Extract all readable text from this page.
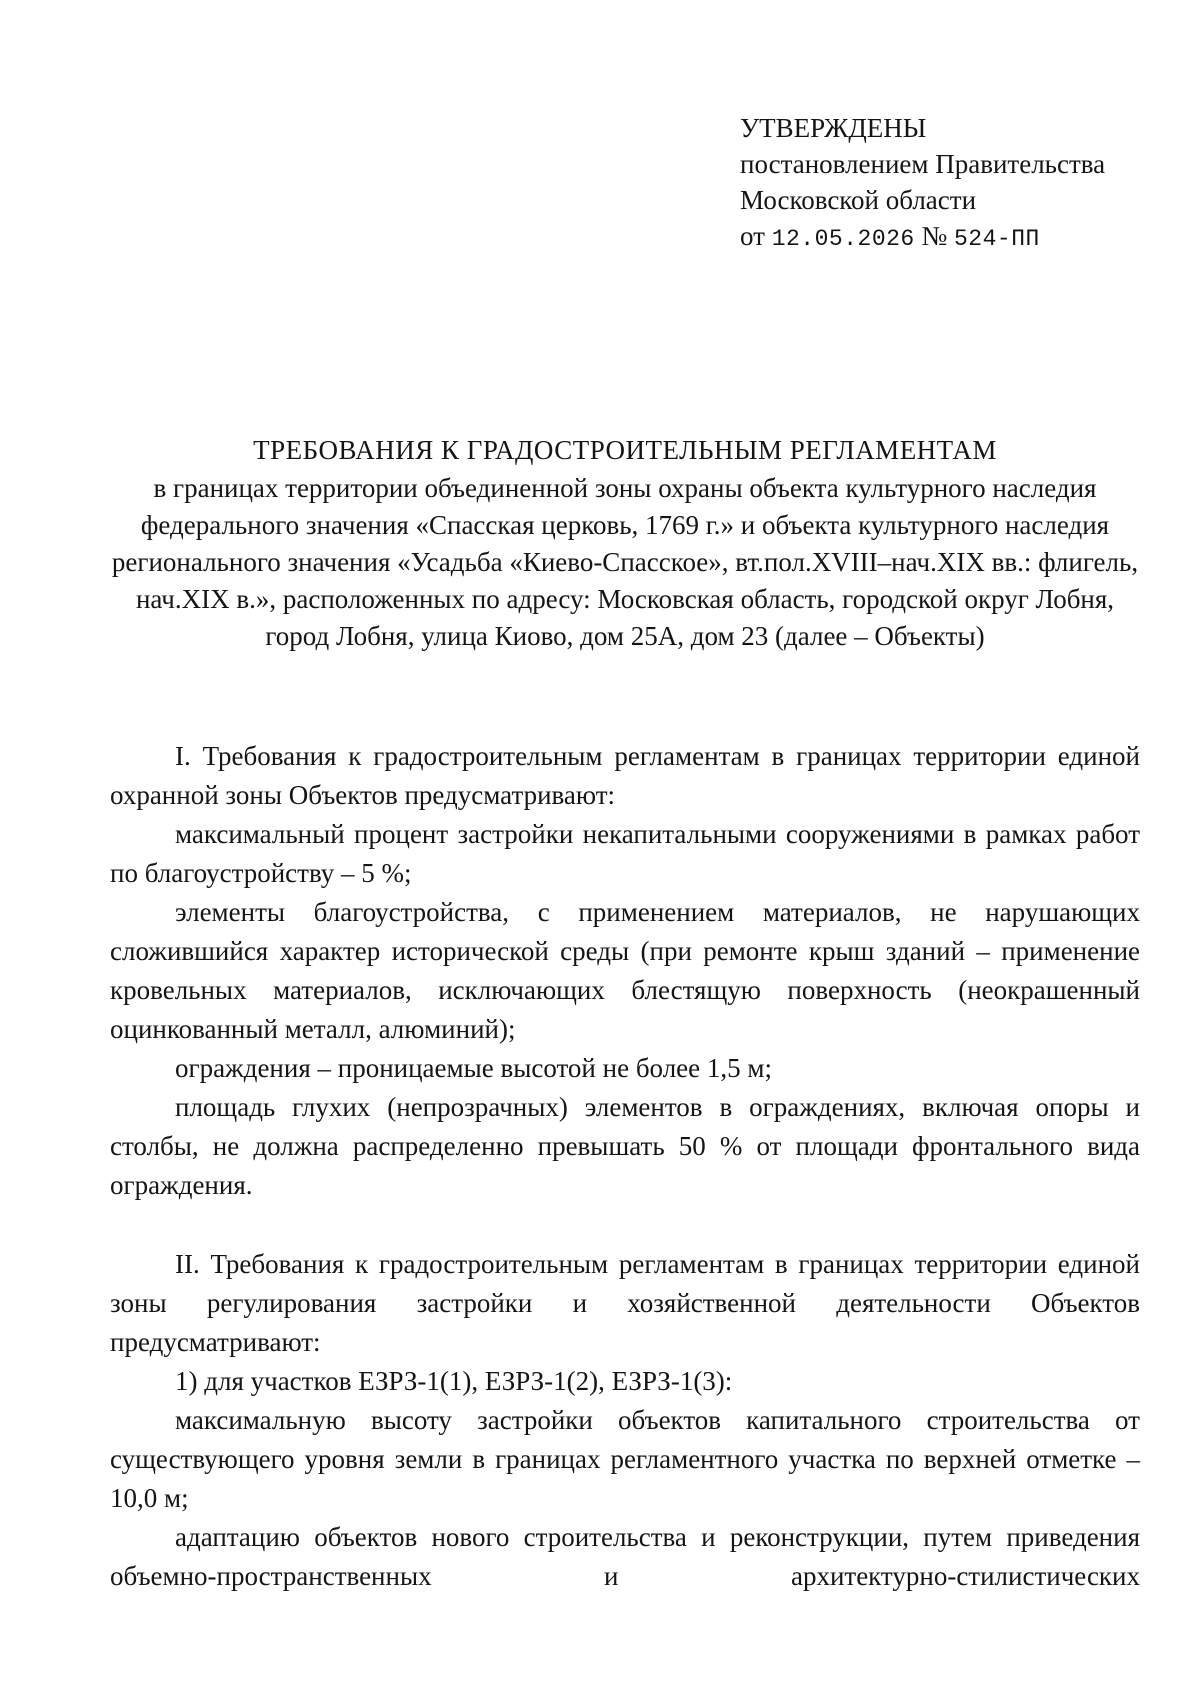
УТВЕРЖДЕНЫ
постановлением Правительства
Московской области
от 12.05.2026 № 524-ПП
ТРЕБОВАНИЯ К ГРАДОСТРОИТЕЛЬНЫМ РЕГЛАМЕНТАМ
в границах территории объединенной зоны охраны объекта культурного наследия федерального значения «Спасская церковь, 1769 г.» и объекта культурного наследия регионального значения «Усадьба «Киево-Спасское», вт.пол.XVIII–нач.XIX вв.: флигель, нач.XIX в.», расположенных по адресу: Московская область, городской округ Лобня, город Лобня, улица Киово, дом 25А, дом 23 (далее – Объекты)

I. Требования к градостроительным регламентам в границах территории единой охранной зоны Объектов предусматривают:

максимальный процент застройки некапитальными сооружениями в рамках работ по благоустройству – 5 %;

элементы благоустройства, с применением материалов, не нарушающих сложившийся характер исторической среды (при ремонте крыш зданий – применение кровельных материалов, исключающих блестящую поверхность (неокрашенный оцинкованный металл, алюминий);

ограждения – проницаемые высотой не более 1,5 м;

площадь глухих (непрозрачных) элементов в ограждениях, включая опоры и столбы, не должна распределенно превышать 50 % от площади фронтального вида ограждения.

II. Требования к градостроительным регламентам в границах территории единой зоны регулирования застройки и хозяйственной деятельности Объектов предусматривают:

1) для участков ЕЗРЗ-1(1), ЕЗРЗ-1(2), ЕЗРЗ-1(3):

максимальную высоту застройки объектов капитального строительства от существующего уровня земли в границах регламентного участка по верхней отметке – 10,0 м;

адаптацию объектов нового строительства и реконструкции, путем приведения объемно-пространственных и архитектурно-стилистических
